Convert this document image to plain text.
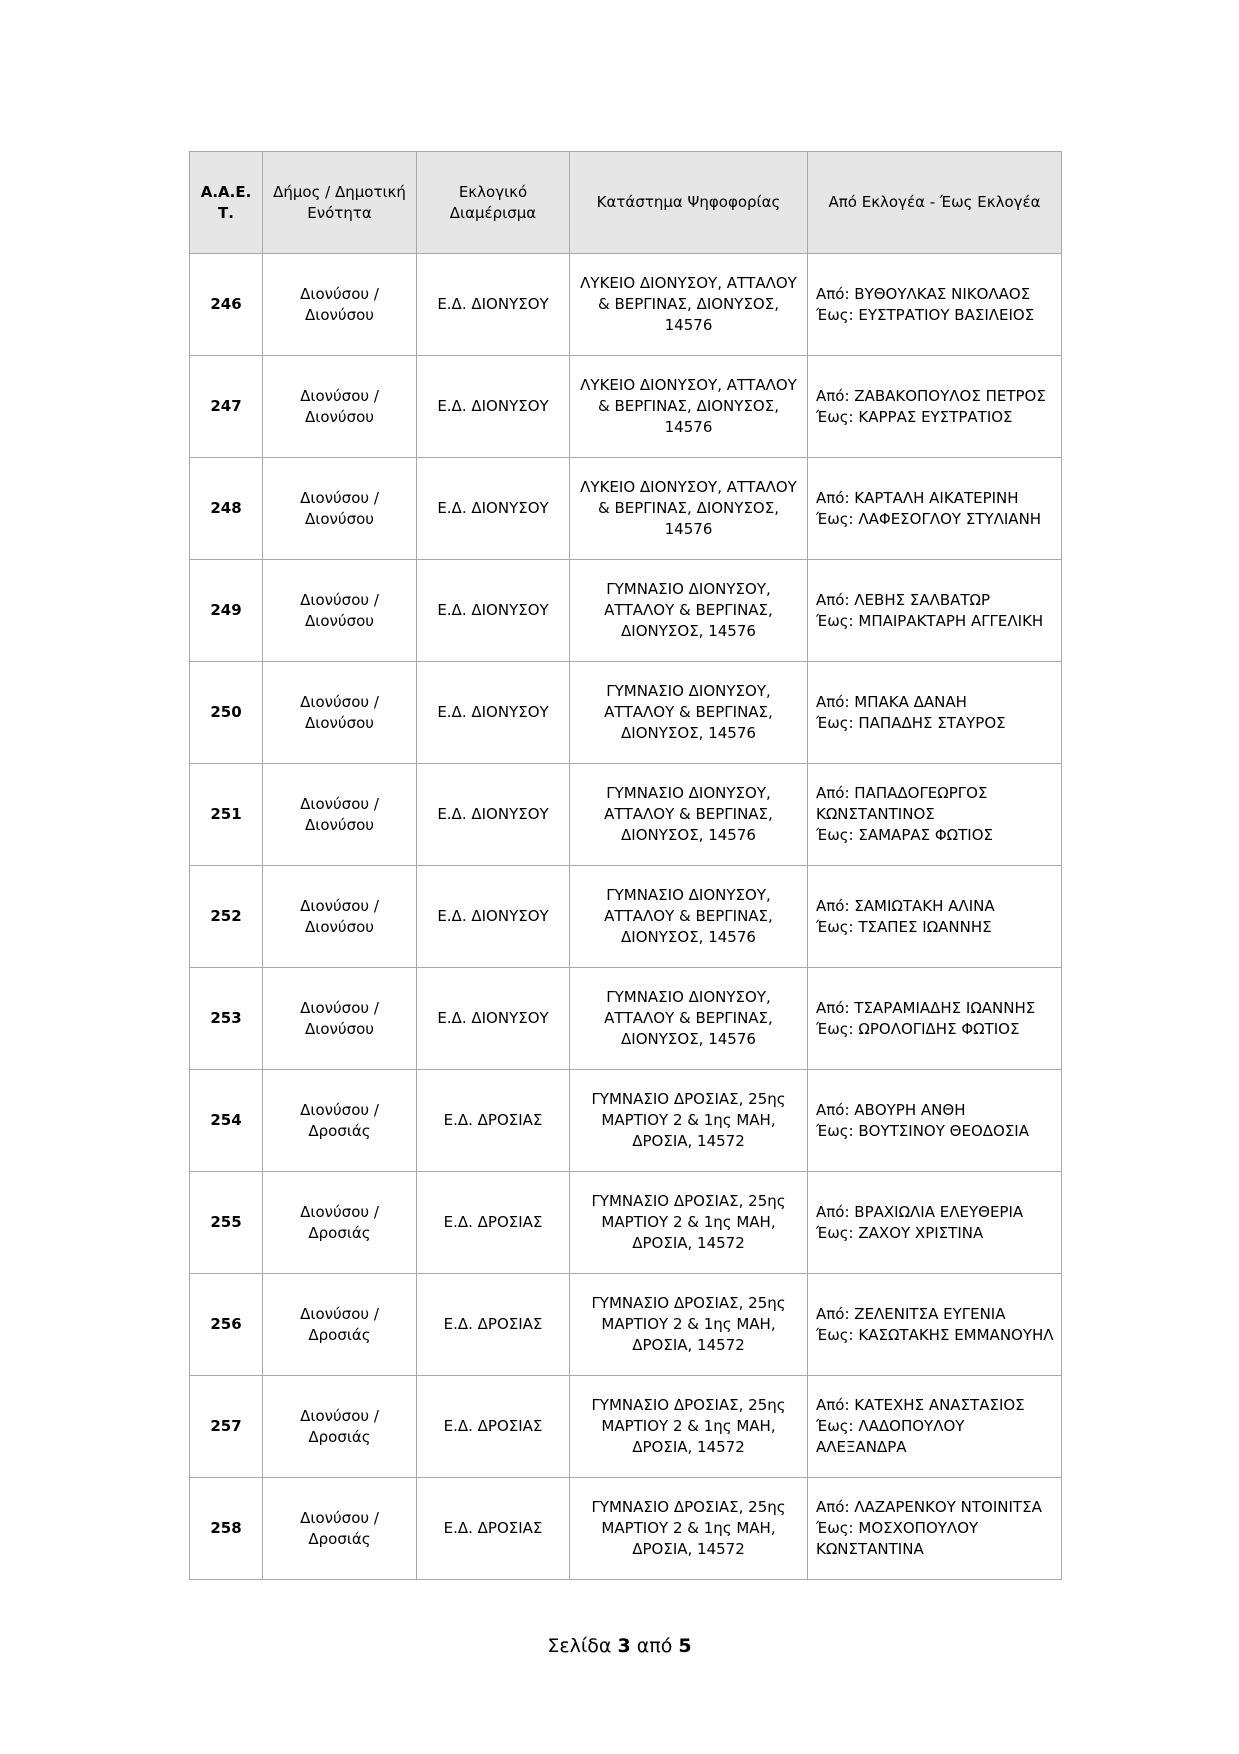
Α.Α.Ε. Τ.	Δήμος / Δημοτική Ενότητα	Εκλογικό Διαμέρισμα	Κατάστημα Ψηφοφορίας	Από Εκλογέα - Έως Εκλογέα
246	Διονύσου / Διονύσου	Ε.Δ. ΔΙΟΝΥΣΟΥ	ΛΥΚΕΙΟ ΔΙΟΝΥΣΟΥ, ΑΤΤΑΛΟΥ & ΒΕΡΓΙΝΑΣ, ΔΙΟΝΥΣΟΣ, 14576	Από: ΒΥΘΟΥΛΚΑΣ ΝΙΚΟΛΑΟΣ
Έως: ΕΥΣΤΡΑΤΙΟΥ ΒΑΣΙΛΕΙΟΣ

247	Διονύσου / Διονύσου	Ε.Δ. ΔΙΟΝΥΣΟΥ	ΛΥΚΕΙΟ ΔΙΟΝΥΣΟΥ, ΑΤΤΑΛΟΥ & ΒΕΡΓΙΝΑΣ, ΔΙΟΝΥΣΟΣ, 14576	Από: ΖΑΒΑΚΟΠΟΥΛΟΣ ΠΕΤΡΟΣ
Έως: ΚΑΡΡΑΣ ΕΥΣΤΡΑΤΙΟΣ

248	Διονύσου / Διονύσου	Ε.Δ. ΔΙΟΝΥΣΟΥ	ΛΥΚΕΙΟ ΔΙΟΝΥΣΟΥ, ΑΤΤΑΛΟΥ & ΒΕΡΓΙΝΑΣ, ΔΙΟΝΥΣΟΣ, 14576	Από: ΚΑΡΤΑΛΗ ΑΙΚΑΤΕΡΙΝΗ
Έως: ΛΑΦΕΣΟΓΛΟΥ ΣΤΥΛΙΑΝΗ

249	Διονύσου / Διονύσου	Ε.Δ. ΔΙΟΝΥΣΟΥ	ΓΥΜΝΑΣΙΟ ΔΙΟΝΥΣΟΥ, ΑΤΤΑΛΟΥ & ΒΕΡΓΙΝΑΣ, ΔΙΟΝΥΣΟΣ, 14576	Από: ΛΕΒΗΣ ΣΑΛΒΑΤΩΡ
Έως: ΜΠΑΙΡΑΚΤΑΡΗ ΑΓΓΕΛΙΚΗ

250	Διονύσου / Διονύσου	Ε.Δ. ΔΙΟΝΥΣΟΥ	ΓΥΜΝΑΣΙΟ ΔΙΟΝΥΣΟΥ, ΑΤΤΑΛΟΥ & ΒΕΡΓΙΝΑΣ, ΔΙΟΝΥΣΟΣ, 14576	Από: ΜΠΑΚΑ ΔΑΝΑΗ
Έως: ΠΑΠΑΔΗΣ ΣΤΑΥΡΟΣ

251	Διονύσου / Διονύσου	Ε.Δ. ΔΙΟΝΥΣΟΥ	ΓΥΜΝΑΣΙΟ ΔΙΟΝΥΣΟΥ, ΑΤΤΑΛΟΥ & ΒΕΡΓΙΝΑΣ, ΔΙΟΝΥΣΟΣ, 14576	Από: ΠΑΠΑΔΟΓΕΩΡΓΟΣ ΚΩΝΣΤΑΝΤΙΝΟΣ
Έως: ΣΑΜΑΡΑΣ ΦΩΤΙΟΣ

252	Διονύσου / Διονύσου	Ε.Δ. ΔΙΟΝΥΣΟΥ	ΓΥΜΝΑΣΙΟ ΔΙΟΝΥΣΟΥ, ΑΤΤΑΛΟΥ & ΒΕΡΓΙΝΑΣ, ΔΙΟΝΥΣΟΣ, 14576	Από: ΣΑΜΙΩΤΑΚΗ ΑΛΙΝΑ
Έως: ΤΣΑΠΕΣ ΙΩΑΝΝΗΣ

253	Διονύσου / Διονύσου	Ε.Δ. ΔΙΟΝΥΣΟΥ	ΓΥΜΝΑΣΙΟ ΔΙΟΝΥΣΟΥ, ΑΤΤΑΛΟΥ & ΒΕΡΓΙΝΑΣ, ΔΙΟΝΥΣΟΣ, 14576	Από: ΤΣΑΡΑΜΙΑΔΗΣ ΙΩΑΝΝΗΣ
Έως: ΩΡΟΛΟΓΙΔΗΣ ΦΩΤΙΟΣ

254	Διονύσου / Δροσιάς	Ε.Δ. ΔΡΟΣΙΑΣ	ΓΥΜΝΑΣΙΟ ΔΡΟΣΙΑΣ, 25ης ΜΑΡΤΙΟΥ 2 & 1ης ΜΑΗ, ΔΡΟΣΙΑ, 14572	Από: ΑΒΟΥΡΗ ΑΝΘΗ
Έως: ΒΟΥΤΣΙΝΟΥ ΘΕΟΔΟΣΙΑ

255	Διονύσου / Δροσιάς	Ε.Δ. ΔΡΟΣΙΑΣ	ΓΥΜΝΑΣΙΟ ΔΡΟΣΙΑΣ, 25ης ΜΑΡΤΙΟΥ 2 & 1ης ΜΑΗ, ΔΡΟΣΙΑ, 14572	Από: ΒΡΑΧΙΩΛΙΑ ΕΛΕΥΘΕΡΙΑ
Έως: ΖΑΧΟΥ ΧΡΙΣΤΙΝΑ

256	Διονύσου / Δροσιάς	Ε.Δ. ΔΡΟΣΙΑΣ	ΓΥΜΝΑΣΙΟ ΔΡΟΣΙΑΣ, 25ης ΜΑΡΤΙΟΥ 2 & 1ης ΜΑΗ, ΔΡΟΣΙΑ, 14572	Από: ΖΕΛΕΝΙΤΣΑ ΕΥΓΕΝΙΑ
Έως: ΚΑΣΩΤΑΚΗΣ ΕΜΜΑΝΟΥΗΛ

257	Διονύσου / Δροσιάς	Ε.Δ. ΔΡΟΣΙΑΣ	ΓΥΜΝΑΣΙΟ ΔΡΟΣΙΑΣ, 25ης ΜΑΡΤΙΟΥ 2 & 1ης ΜΑΗ, ΔΡΟΣΙΑ, 14572	Από: ΚΑΤΕΧΗΣ ΑΝΑΣΤΑΣΙΟΣ
Έως: ΛΑΔΟΠΟΥΛΟΥ ΑΛΕΞΑΝΔΡΑ

258	Διονύσου / Δροσιάς	Ε.Δ. ΔΡΟΣΙΑΣ	ΓΥΜΝΑΣΙΟ ΔΡΟΣΙΑΣ, 25ης ΜΑΡΤΙΟΥ 2 & 1ης ΜΑΗ, ΔΡΟΣΙΑ, 14572	Από: ΛΑΖΑΡΕΝΚΟΥ ΝΤΟΙΝΙΤΣΑ
Έως: ΜΟΣΧΟΠΟΥΛΟΥ ΚΩΝΣΤΑΝΤΙΝΑ
Σελίδα 3 από 5
